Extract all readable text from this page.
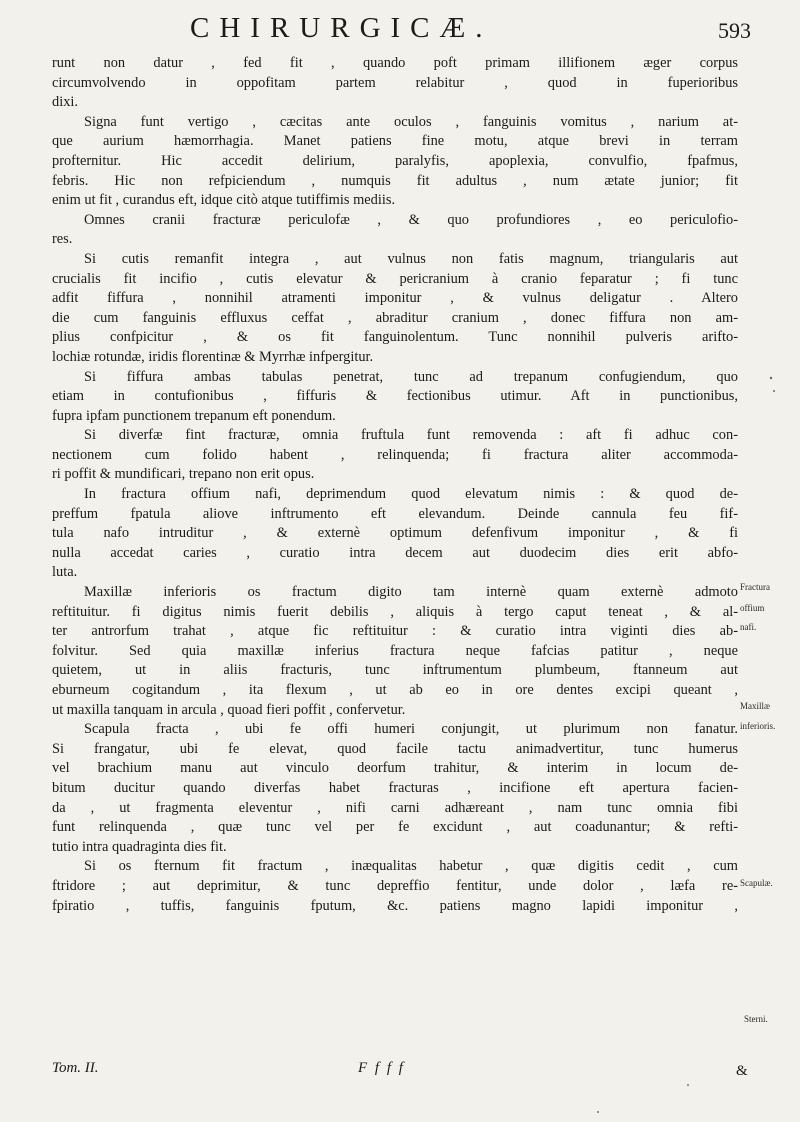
CHIRURGICÆ.	593
runt non datur , fed fit , quando poft primam illifionem æger corpus
circumvolvendo in oppofitam partem relabitur , quod in fuperioribus
dixi.
Signa funt vertigo , cæcitas ante oculos , fanguinis vomitus , narium at-
que aurium hæmorrhagia. Manet patiens fine motu, atque brevi in terram
profternitur. Hic accedit delirium, paralyfis, apoplexia, convulfio, fpafmus,
febris. Hic non refpiciendum , numquis fit adultus , num ætate junior; fit
enim ut fit , curandus eft, idque citò atque tutiffimis mediis.
Omnes cranii fracturæ periculofæ , & quo profundiores , eo periculofio-
res.
Si cutis remanfit integra , aut vulnus non fatis magnum, triangularis aut
crucialis fit incifio , cutis elevatur & pericranium à cranio feparatur ; fi tunc
adfit fiffura , nonnihil atramenti imponitur , & vulnus deligatur . Altero
die cum fanguinis effluxus ceffat , abraditur cranium , donec fiffura non am-
plius confpicitur , & os fit fanguinolentum. Tunc nonnihil pulveris arifto-
lochiæ rotundæ, iridis florentinæ & Myrrhæ infpergitur.
Si fiffura ambas tabulas penetrat, tunc ad trepanum confugiendum, quo
etiam in contufionibus , fiffuris & fectionibus utimur. Aft in punctionibus,
fupra ipfam punctionem trepanum eft ponendum.
Si diverfæ fint fracturæ, omnia fruftula funt removenda : aft fi adhuc con-
nectionem cum folido habent , relinquenda; fi fractura aliter accommoda-
ri poffit & mundificari, trepano non erit opus.
In fractura offium nafi, deprimendum quod elevatum nimis : & quod de-
preffum fpatula aliove inftrumento eft elevandum. Deinde cannula feu fif-
tula nafo intruditur , & externè optimum defenfivum imponitur , & fi
nulla accedat caries , curatio intra decem aut duodecim dies erit abfo-
luta.
Maxillæ inferioris os fractum digito tam internè quam externè admoto
reftituitur. fi digitus nimis fuerit debilis , aliquis à tergo caput teneat , & al-
ter antrorfum trahat , atque fic reftituitur : & curatio intra viginti dies ab-
folvitur. Sed quia maxillæ inferius fractura neque fafcias patitur , neque
quietem, ut in aliis fracturis, tunc inftrumentum plumbeum, ftanneum aut
eburneum cogitandum , ita flexum , ut ab eo in ore dentes excipi queant ,
ut maxilla tanquam in arcula , quoad fieri poffit , confervetur.
Scapula fracta , ubi fe offi humeri conjungit, ut plurimum non fanatur.
Si frangatur, ubi fe elevat, quod facile tactu animadvertitur, tunc humerus
vel brachium manu aut vinculo deorfum trahitur, & interim in locum de-
bitum ducitur quando diverfas habet fracturas , incifione eft apertura facien-
da , ut fragmenta eleventur , nifi carni adhæreant , nam tunc omnia fibi
funt relinquenda , quæ tunc vel per fe excidunt , aut coadunantur; & refti-
tutio intra quadraginta dies fit.
Si os fternum fit fractum , inæqualitas habetur , quæ digitis cedit , cum
ftridore ; aut deprimitur, & tunc depreffio fentitur, unde dolor , læfa re-
fpiratio , tuffis, fanguinis fputum, &c. patiens magno lapidi imponitur ,
Fractura
offium
nafi.
Maxillæ
inferioris.
Scapulæ.
Sterni.
Tom. II.	F f f f	&
